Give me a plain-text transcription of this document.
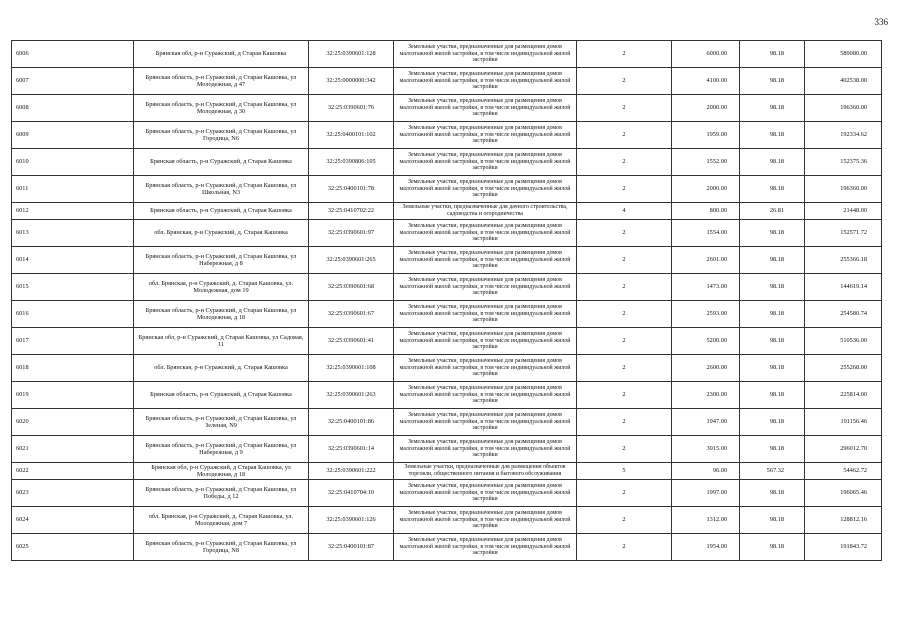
336
6006	Брянская обл, р-н Суражский, д Старая Кашовка	32:25:0390601:128	Земельные участки, предназначенные для размещения домов малоэтажной жилой застройки, в том числе индивидуальной жилой застройки	2	6000.00	98.18	589080.00
6007	Брянская область, р-н Суражский, д Старая Кашовка, ул Молодежная, д 47	32:25:0000000:342	Земельные участки, предназначенные для размещения домов малоэтажной жилой застройки, в том числе индивидуальной жилой застройки	2	4100.00	98.18	402538.00
6008	Брянская область, р-н Суражский, д Старая Кашовка, ул Молодежная, д 30	32:25:0390601:76	Земельные участки, предназначенные для размещения домов малоэтажной жилой застройки, в том числе индивидуальной жилой застройки	2	2000.00	98.18	196360.00
6009	Брянская область, р-н Суражский, д Старая Кашовка, ул Городица, N6	32:25:0400101:102	Земельные участки, предназначенные для размещения домов малоэтажной жилой застройки, в том числе индивидуальной жилой застройки	2	1959.00	98.18	192334.62
6010	Брянская область, р-н Суражский, д Старая Кашовка	32:25:0390806:105	Земельные участки, предназначенные для размещения домов малоэтажной жилой застройки, в том числе индивидуальной жилой застройки	2	1552.00	98.18	152375.36
6011	Брянская область, р-н Суражский, д Старая Кашовка, ул Школьная, N3	32:25:0400101:78	Земельные участки, предназначенные для размещения домов малоэтажной жилой застройки, в том числе индивидуальной жилой застройки	2	2000.00	98.18	196360.00
6012	Брянская область, р-н Суражский, д Старая Кашовка	32:25:0410702:22	Земельные участки, предназначенные для дачного строительства, садоводства и огородничества	4	800.00	26.81	21448.00
6013	обл. Брянская, р-н Суражский, д. Старая Кашовка	32:25:0390601:97	Земельные участки, предназначенные для размещения домов малоэтажной жилой застройки, в том числе индивидуальной жилой застройки	2	1554.00	98.18	152571.72
6014	Брянская область, р-н Суражский, д Старая Кашовка, ул Набережная, д 8	32:25:0390601:265	Земельные участки, предназначенные для размещения домов малоэтажной жилой застройки, в том числе индивидуальной жилой застройки	2	2601.00	98.18	255366.18
6015	обл. Брянская, р-н Суражский, д. Старая Кашовка, ул. Молодежная, дом 19	32:25:0390601:68	Земельные участки, предназначенные для размещения домов малоэтажной жилой застройки, в том числе индивидуальной жилой застройки	2	1473.00	98.18	144619.14
6016	Брянская область, р-н Суражский, д Старая Кашовка, ул Молодежная, д 18	32:25:0390601:67	Земельные участки, предназначенные для размещения домов малоэтажной жилой застройки, в том числе индивидуальной жилой застройки	2	2593.00	98.18	254580.74
6017	Брянская обл, р-н Суражский, д Старая Кашовка, ул Садовая, 11	32:25:0390601:41	Земельные участки, предназначенные для размещения домов малоэтажной жилой застройки, в том числе индивидуальной жилой застройки	2	5200.00	98.18	510536.00
6018	обл. Брянская, р-н Суражский, д. Старая Кашовка	32:25:0390601:108	Земельные участки, предназначенные для размещения домов малоэтажной жилой застройки, в том числе индивидуальной жилой застройки	2	2600.00	98.18	255268.00
6019	Брянская область, р-н Суражский, д Старая Кашовка	32:25:0390601:263	Земельные участки, предназначенные для размещения домов малоэтажной жилой застройки, в том числе индивидуальной жилой застройки	2	2300.00	98.18	225814.00
6020	Брянская область, р-н Суражский, д Старая Кашовка, ул Зеленая, N9	32:25:0400101:86	Земельные участки, предназначенные для размещения домов малоэтажной жилой застройки, в том числе индивидуальной жилой застройки	2	1947.00	98.18	191156.46
6021	Брянская область, р-н Суражский, д Старая Кашовка, ул Набережная, д 9	32:25:0390601:14	Земельные участки, предназначенные для размещения домов малоэтажной жилой застройки, в том числе индивидуальной жилой застройки	2	3015.00	98.18	296012.70
6022	Брянская обл, р-н Суражский, д Старая Кашовка, ул Молодежная, д 18	32:25:0390601:222	Земельные участки, предназначенные для размещения объектов торговли, общественного питания и бытового обслуживания	5	96.00	567.32	54462.72
6023	Брянская область, р-н Суражский, д Старая Кашовка, ул Победы, д 12	32:25:0410704:10	Земельные участки, предназначенные для размещения домов малоэтажной жилой застройки, в том числе индивидуальной жилой застройки	2	1997.00	98.18	196065.46
6024	обл. Брянская, р-н Суражский, д. Старая Кашовка, ул. Молодежная, дом 7	32:25:0390601:126	Земельные участки, предназначенные для размещения домов малоэтажной жилой застройки, в том числе индивидуальной жилой застройки	2	1312.00	98.18	128812.16
6025	Брянская область, р-н Суражский, д Старая Кашовка, ул Городица, N8	32:25:0400101:87	Земельные участки, предназначенные для размещения домов малоэтажной жилой застройки, в том числе индивидуальной жилой застройки	2	1954.00	98.18	191843.72
